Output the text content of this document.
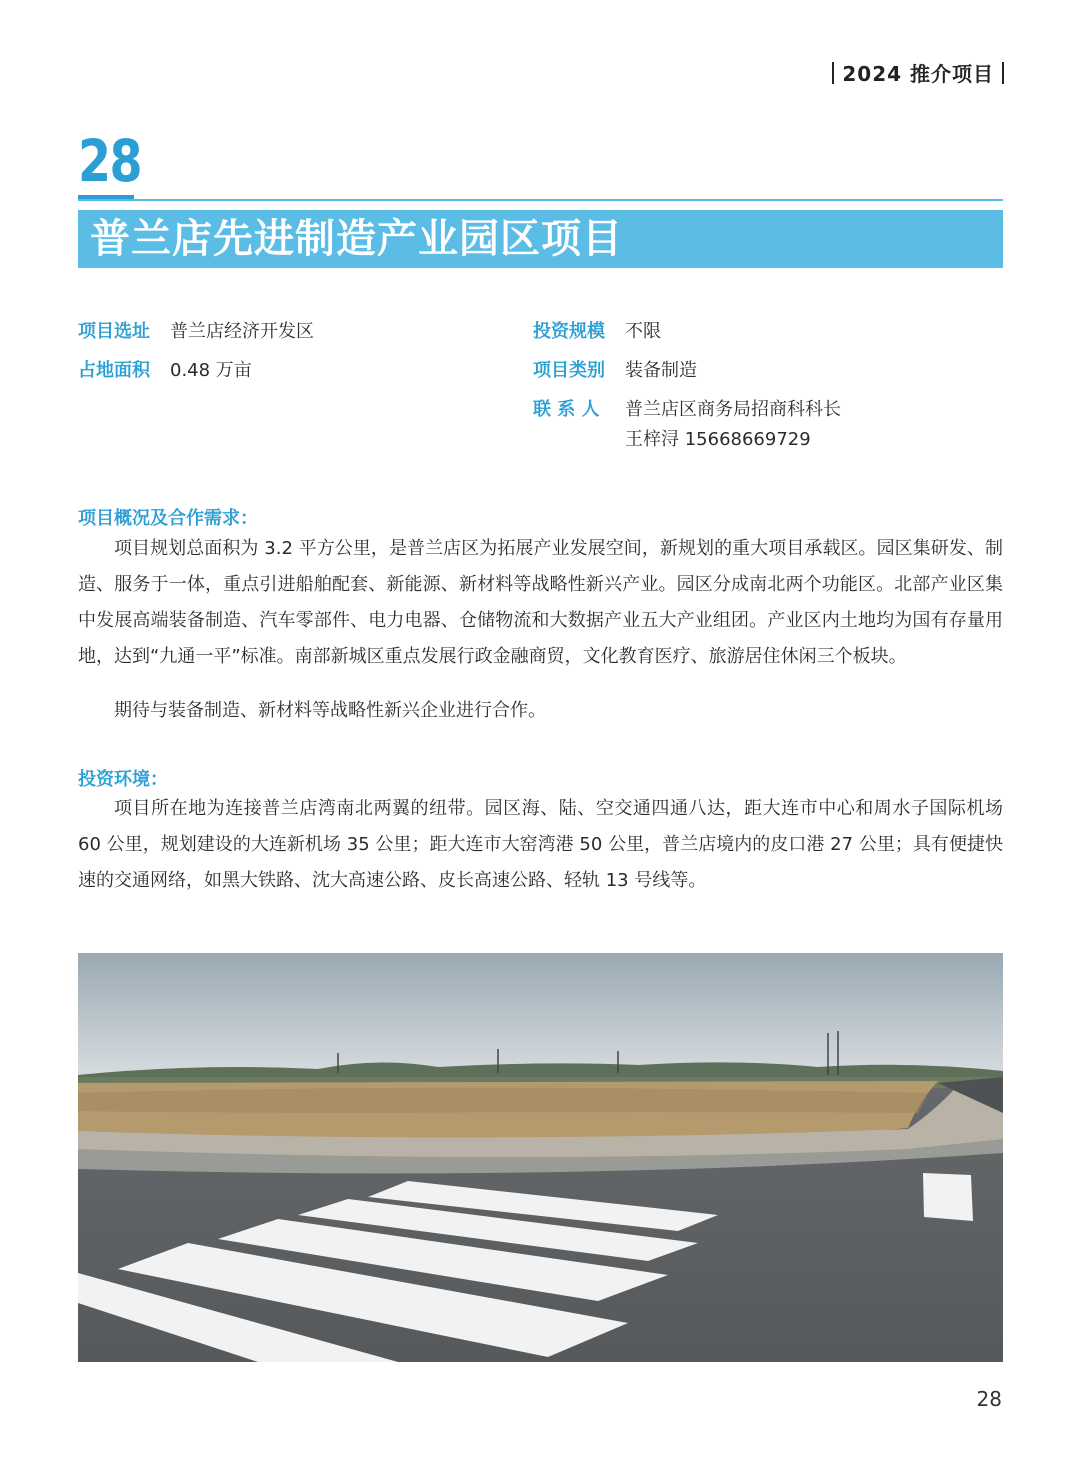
2024 推介项目
28
普兰店先进制造产业园区项目
项目选址 普兰店经济开发区
占地面积 0.48 万亩
投资规模 不限
项目类别 装备制造
联 系 人 普兰店区商务局招商科科长
王梓浔 15668669729
项目概况及合作需求：

项目规划总面积为 3.2 平方公里，是普兰店区为拓展产业发展空间，新规划的重大项目承载区。园区集研发、制造、服务于一体，重点引进船舶配套、新能源、新材料等战略性新兴产业。园区分成南北两个功能区。北部产业区集中发展高端装备制造、汽车零部件、电力电器、仓储物流和大数据产业五大产业组团。产业区内土地均为国有存量用地，达到“九通一平”标准。南部新城区重点发展行政金融商贸，文化教育医疗、旅游居住休闲三个板块。

期待与装备制造、新材料等战略性新兴企业进行合作。

投资环境：

项目所在地为连接普兰店湾南北两翼的纽带。园区海、陆、空交通四通八达，距大连市中心和周水子国际机场 60 公里，规划建设的大连新机场 35 公里；距大连市大窑湾港 50 公里，普兰店境内的皮口港 27 公里；具有便捷快速的交通网络，如黑大铁路、沈大高速公路、皮长高速公路、轻轨 13 号线等。

28
